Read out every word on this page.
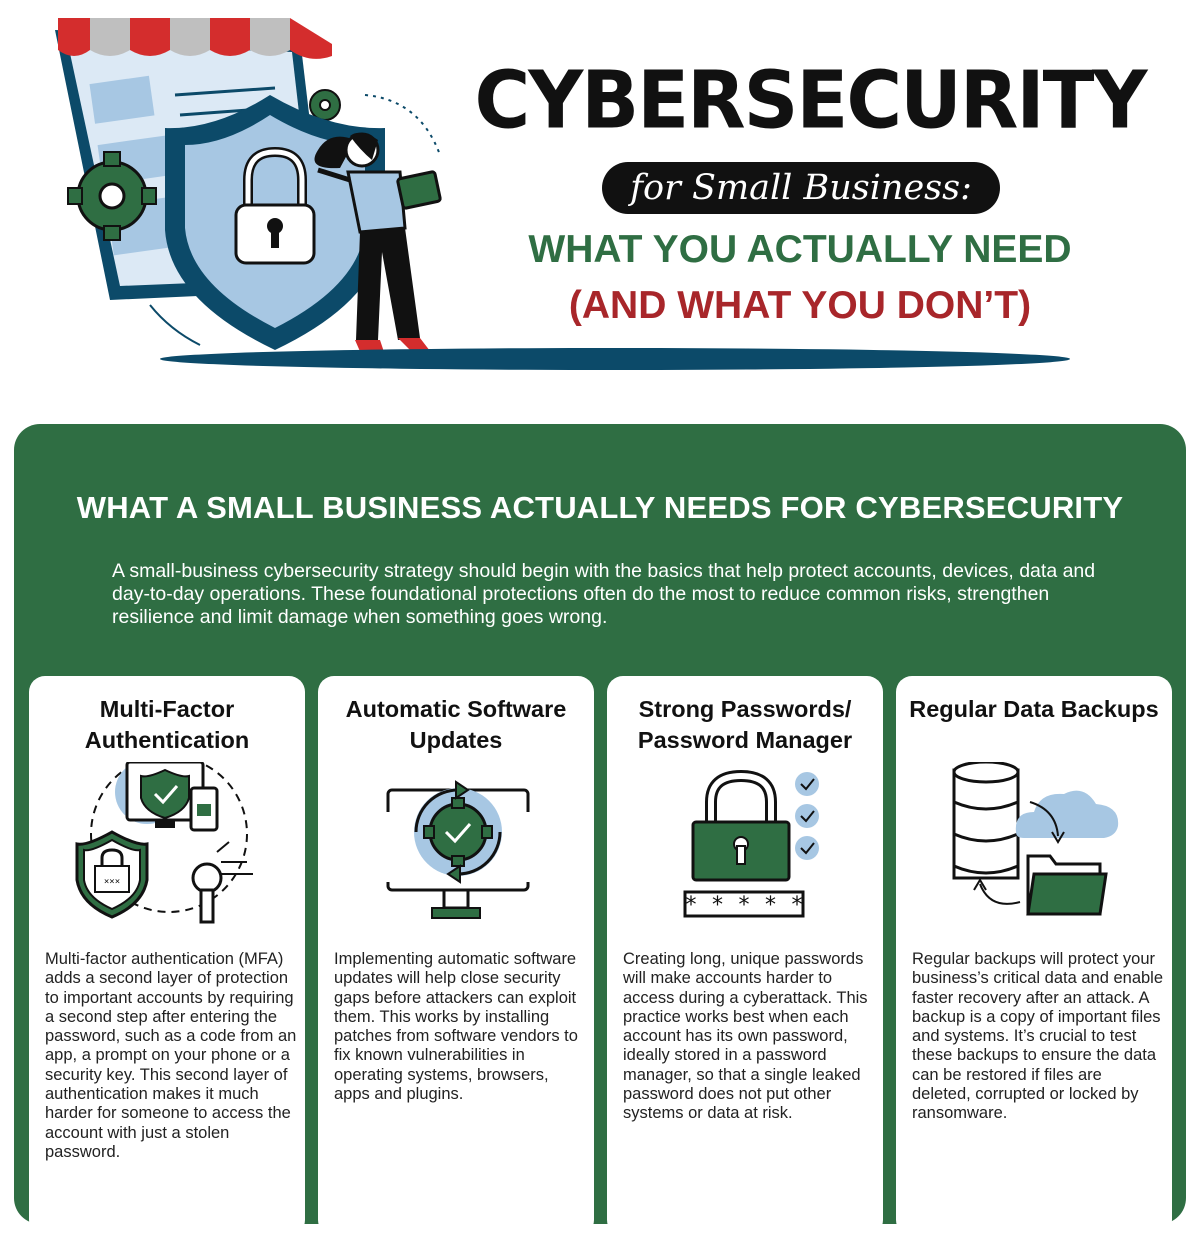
CYBERSECURITY
for Small Business:
WHAT YOU ACTUALLY NEED
(AND WHAT YOU DON’T)
WHAT A SMALL BUSINESS ACTUALLY NEEDS FOR CYBERSECURITY
A small-business cybersecurity strategy should begin with the basics that help protect accounts, devices, data and day-to-day operations. These foundational protections often do the most to reduce common risks, strengthen resilience and limit damage when something goes wrong.
Multi-Factor
Authentication
×××
Multi-factor authentication (MFA) adds a second layer of protection to important accounts by requiring a second step after entering the password, such as a code from an app, a prompt on your phone or a security key. This second layer of authentication makes it much harder for someone to access the account with just a stolen password.
Automatic Software
Updates
Implementing automatic software updates will help close security gaps before attackers can exploit them. This works by installing patches from software vendors to fix known vulnerabilities in operating systems, browsers, apps and plugins.
Strong Passwords/
Password Manager
* * * * *
Creating long, unique passwords will make accounts harder to access during a cyberattack. This practice works best when each account has its own password, ideally stored in a password manager, so that a single leaked password does not put other systems or data at risk.
Regular Data Backups
Regular backups will protect your business’s critical data and enable faster recovery after an attack. A backup is a copy of important files and systems. It’s crucial to test these backups to ensure the data can be restored if files are deleted, corrupted or locked by ransomware.
